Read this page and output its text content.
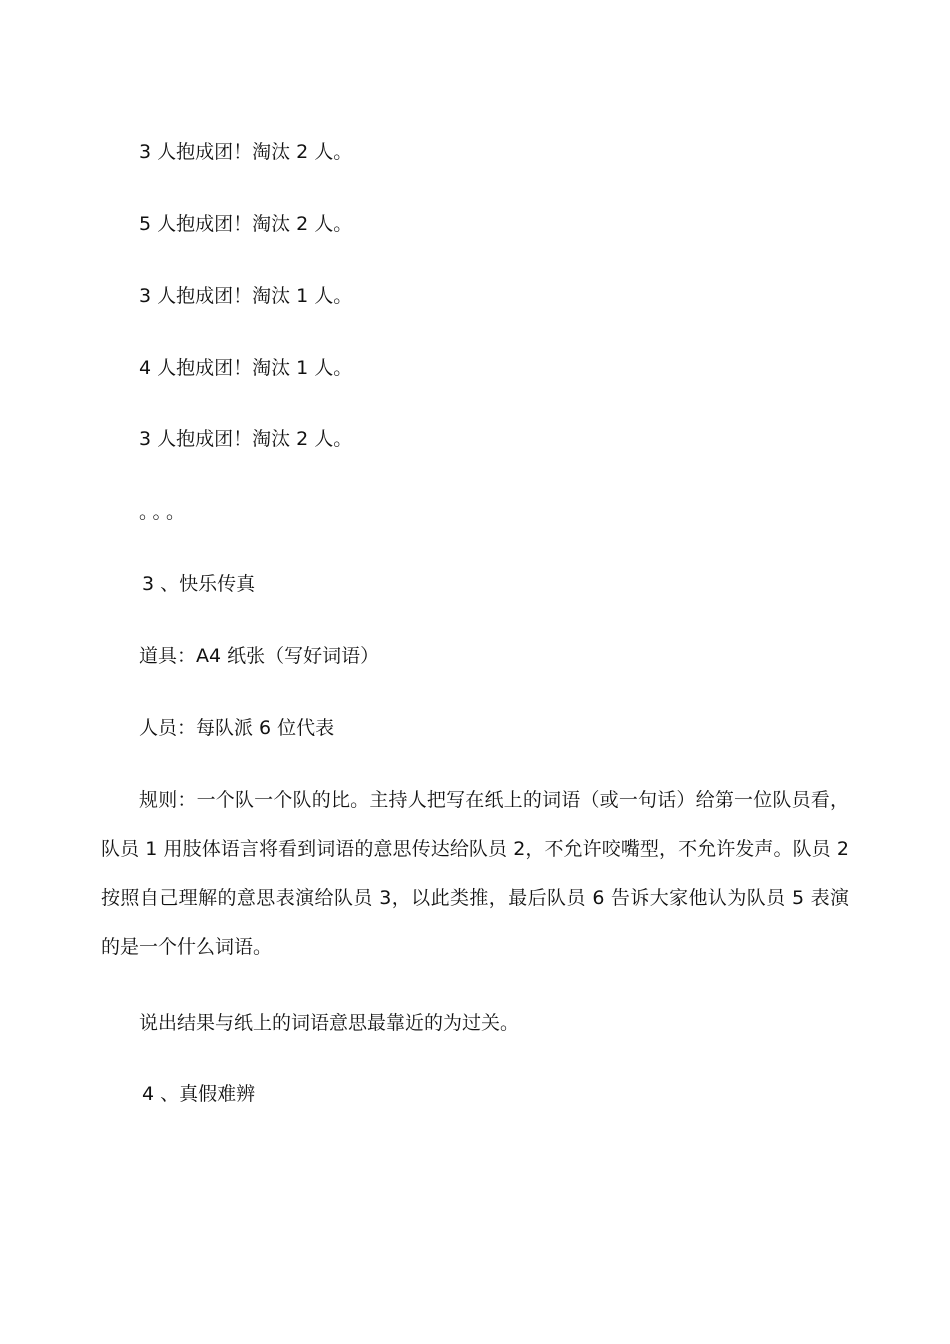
3 人抱成团！淘汰 2 人。
5 人抱成团！淘汰 2 人。
3 人抱成团！淘汰 1 人。
4 人抱成团！淘汰 1 人。
3 人抱成团！淘汰 2 人。
。。。
3 、快乐传真
道具：A4 纸张（写好词语）
人员：每队派 6 位代表
规则：一个队一个队的比。主持人把写在纸上的词语（或一句话）给第一位队员看，队员 1 用肢体语言将看到词语的意思传达给队员 2，不允许咬嘴型，不允许发声。队员 2 按照自己理解的意思表演给队员 3，以此类推，最后队员 6 告诉大家他认为队员 5 表演的是一个什么词语。
说出结果与纸上的词语意思最靠近的为过关。
4 、真假难辨
